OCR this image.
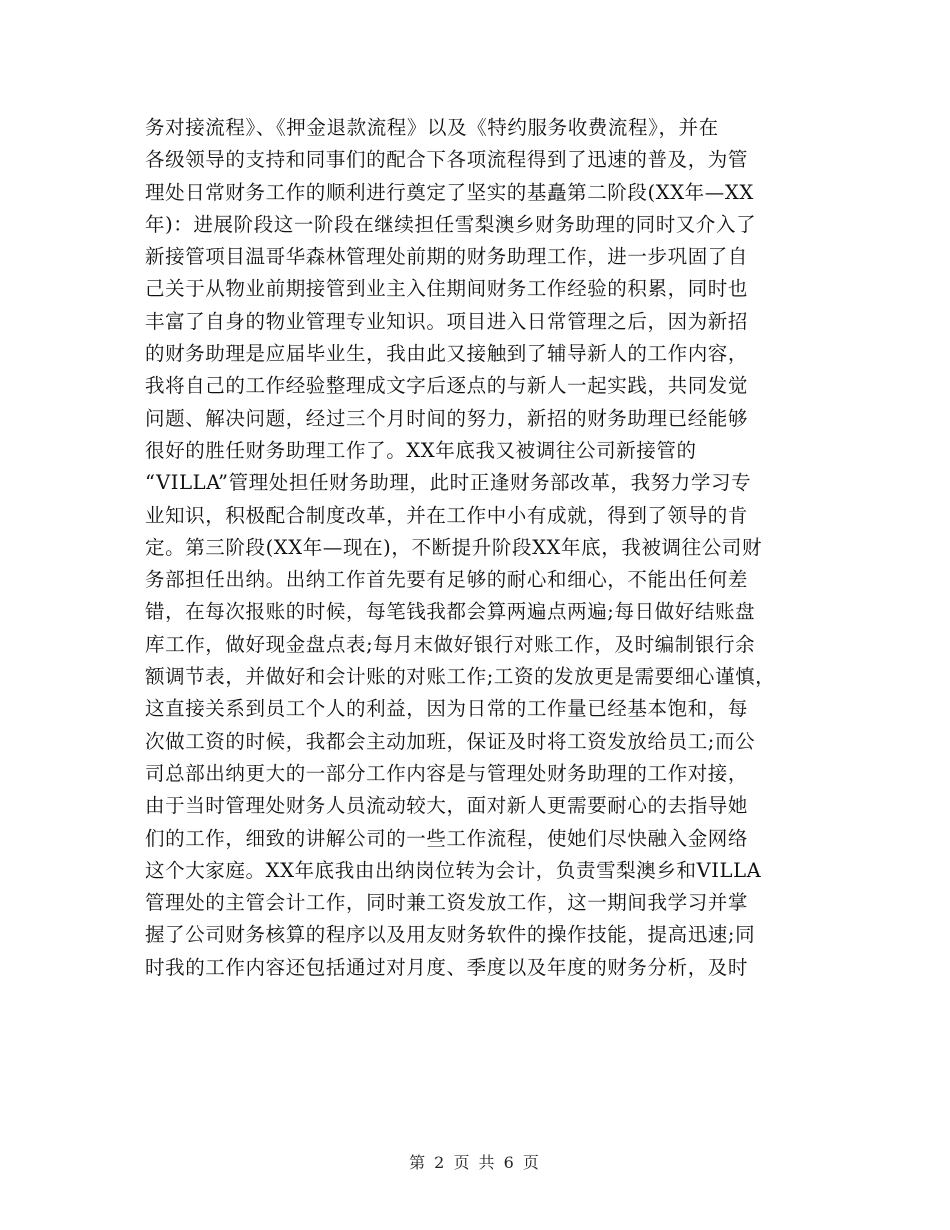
务对接流程》、《押金退款流程》以及《特约服务收费流程》，并在
各级领导的支持和同事们的配合下各项流程得到了迅速的普及，为管
理处日常财务工作的顺利进行奠定了坚实的基矗第二阶段(XX年—XX
年)：进展阶段这一阶段在继续担任雪梨澳乡财务助理的同时又介入了
新接管项目温哥华森林管理处前期的财务助理工作，进一步巩固了自
己关于从物业前期接管到业主入住期间财务工作经验的积累，同时也
丰富了自身的物业管理专业知识。项目进入日常管理之后，因为新招
的财务助理是应届毕业生，我由此又接触到了辅导新人的工作内容，
我将自己的工作经验整理成文字后逐点的与新人一起实践，共同发觉
问题、解决问题，经过三个月时间的努力，新招的财务助理已经能够
很好的胜任财务助理工作了。XX年底我又被调往公司新接管的
“VILLA”管理处担任财务助理，此时正逢财务部改革，我努力学习专
业知识，积极配合制度改革，并在工作中小有成就，得到了领导的肯
定。第三阶段(XX年—现在)，不断提升阶段XX年底，我被调往公司财
务部担任出纳。出纳工作首先要有足够的耐心和细心，不能出任何差
错，在每次报账的时候，每笔钱我都会算两遍点两遍;每日做好结账盘
库工作，做好现金盘点表;每月末做好银行对账工作，及时编制银行余
额调节表，并做好和会计账的对账工作;工资的发放更是需要细心谨慎，
这直接关系到员工个人的利益，因为日常的工作量已经基本饱和，每
次做工资的时候，我都会主动加班，保证及时将工资发放给员工;而公
司总部出纳更大的一部分工作内容是与管理处财务助理的工作对接，
由于当时管理处财务人员流动较大，面对新人更需要耐心的去指导她
们的工作，细致的讲解公司的一些工作流程，使她们尽快融入金网络
这个大家庭。XX年底我由出纳岗位转为会计，负责雪梨澳乡和VILLA
管理处的主管会计工作，同时兼工资发放工作，这一期间我学习并掌
握了公司财务核算的程序以及用友财务软件的操作技能，提高迅速;同
时我的工作内容还包括通过对月度、季度以及年度的财务分析，及时
第 2 页 共 6 页
